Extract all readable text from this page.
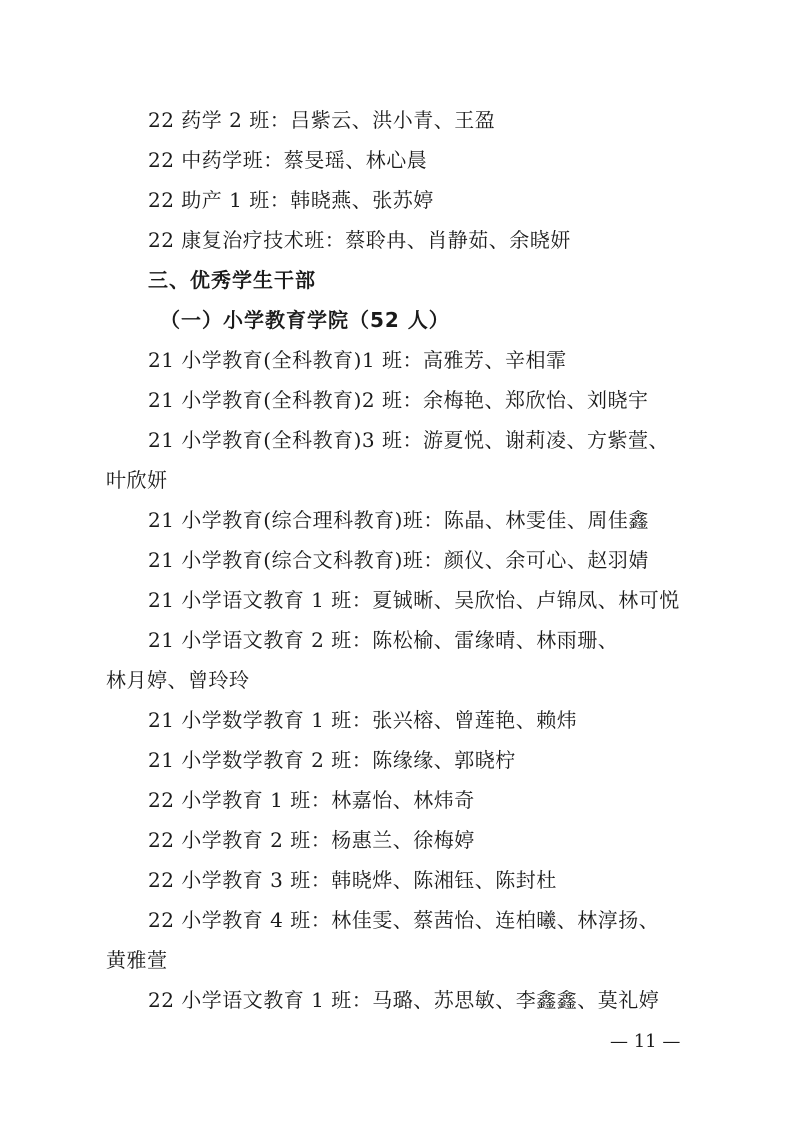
22 药学 2 班：吕紫云、洪小青、王盈
22 中药学班：蔡旻瑶、林心晨
22 助产 1 班：韩晓燕、张苏婷
22 康复治疗技术班：蔡聆冉、肖静茹、余晓妍
三、优秀学生干部
（一）小学教育学院（52 人）
21 小学教育(全科教育)1 班：高雅芳、辛相霏
21 小学教育(全科教育)2 班：余梅艳、郑欣怡、刘晓宇
21 小学教育(全科教育)3 班：游夏悦、谢莉凌、方紫萱、
叶欣妍
21 小学教育(综合理科教育)班：陈晶、林雯佳、周佳鑫
21 小学教育(综合文科教育)班：颜仪、余可心、赵羽婧
21 小学语文教育 1 班：夏铖晰、吴欣怡、卢锦凤、林可悦
21 小学语文教育 2 班：陈松榆、雷缘晴、林雨珊、
林月婷、曾玲玲
21 小学数学教育 1 班：张兴榕、曾莲艳、赖炜
21 小学数学教育 2 班：陈缘缘、郭晓柠
22 小学教育 1 班：林嘉怡、林炜奇
22 小学教育 2 班：杨惠兰、徐梅婷
22 小学教育 3 班：韩晓烨、陈湘钰、陈封杜
22 小学教育 4 班：林佳雯、蔡茜怡、连柏曦、林淳扬、
黄雅萱
22 小学语文教育 1 班：马璐、苏思敏、李鑫鑫、莫礼婷
— 11 —
